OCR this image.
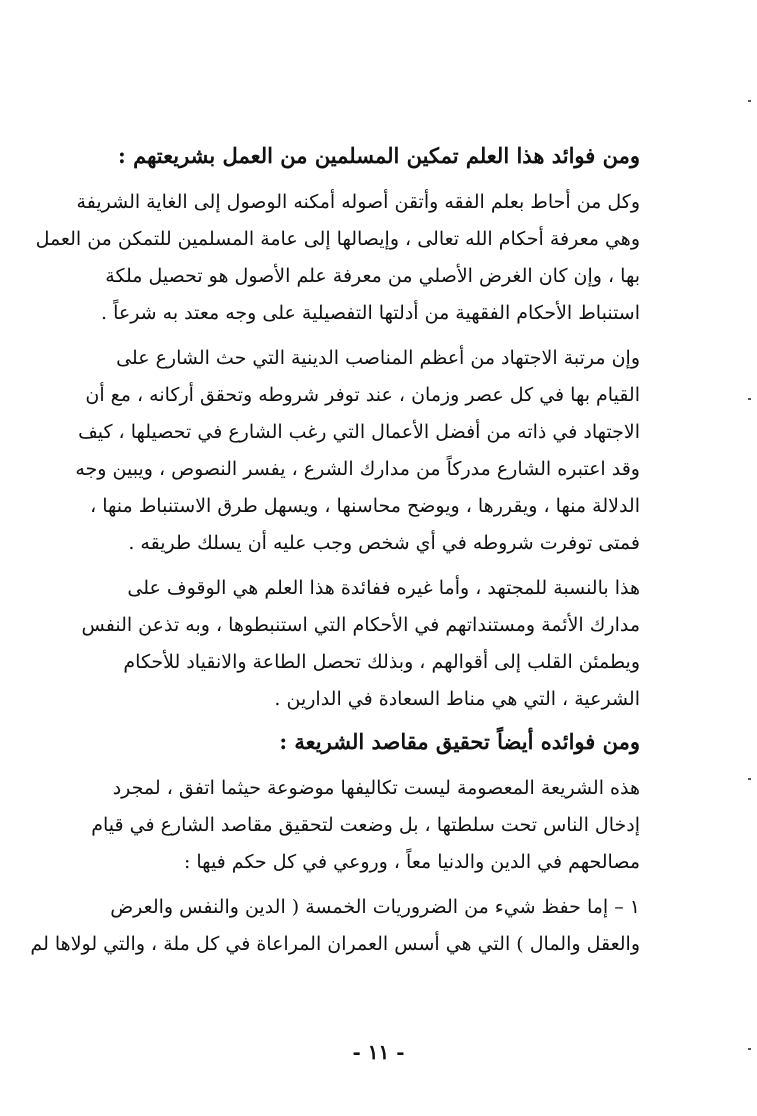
ومن فوائد هذا العلم تمكين المسلمين من العمل بشريعتهم :
وكل من أحاط بعلم الفقه وأتقن أصوله أمكنه الوصول إلى الغاية الشريفة
وهي معرفة أحكام الله تعالى ، وإيصالها إلى عامة المسلمين للتمكن من العمل
بها ، وإن كان الغرض الأصلي من معرفة علم الأصول هو تحصيل ملكة
استنباط الأحكام الفقهية من أدلتها التفصيلية على وجه معتد به شرعاً .
وإن مرتبة الاجتهاد من أعظم المناصب الدينية التي حث الشارع على
القيام بها في كل عصر وزمان ، عند توفر شروطه وتحقق أركانه ، مع أن
الاجتهاد في ذاته من أفضل الأعمال التي رغب الشارع في تحصيلها ، كيف
وقد اعتبره الشارع مدركاً من مدارك الشرع ، يفسر النصوص ، ويبين وجه
الدلالة منها ، ويقررها ، ويوضح محاسنها ، ويسهل طرق الاستنباط منها ،
فمتى توفرت شروطه في أي شخص وجب عليه أن يسلك طريقه .
هذا بالنسبة للمجتهد ، وأما غيره ففائدة هذا العلم هي الوقوف على
مدارك الأئمة ومستنداتهم في الأحكام التي استنبطوها ، وبه تذعن النفس
ويطمئن القلب إلى أقوالهم ، وبذلك تحصل الطاعة والانقياد للأحكام
الشرعية ، التي هي مناط السعادة في الدارين .
ومن فوائده أيضاً تحقيق مقاصد الشريعة :
هذه الشريعة المعصومة ليست تكاليفها موضوعة حيثما اتفق ، لمجرد
إدخال الناس تحت سلطتها ، بل وضعت لتحقيق مقاصد الشارع في قيام
مصالحهم في الدين والدنيا معاً ، وروعي في كل حكم فيها :
١ – إما حفظ شيء من الضروريات الخمسة ( الدين والنفس والعرض
والعقل والمال ) التي هي أسس العمران المراعاة في كل ملة ، والتي لولاها لم
- ١١ -
